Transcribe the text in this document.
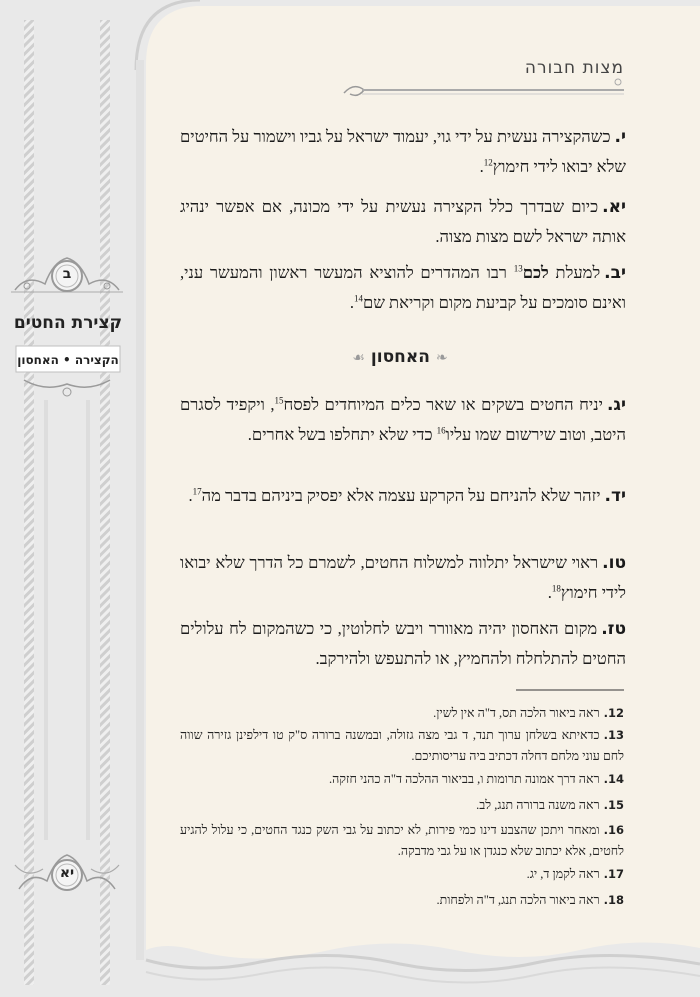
מצות חבורה
ב
קצירת החטים
הקצירה • האחסון
יא
י.כשהקצירה נעשית על ידי גוי, יעמוד ישראל על גביו וישמור על החיטים שלא יבואו לידי חימוץ$^{12}$.
יא.כיום שבדרך כלל הקצירה נעשית על ידי מכונה, אם אפשר ינהיג אותה ישראל לשם מצות מצוה.
יב.למעלת לכם$^{13}$ רבו המהדרים להוציא המעשר ראשון והמעשר עני, ואינם סומכים על קביעת מקום וקריאת שם$^{14}$.
❧האחסון☙
יג.יניח החטים בשקים או שאר כלים המיוחדים לפסח$^{15}$, ויקפיד לסגרם היטב, וטוב שירשום שמו עליו$^{16}$ כדי שלא יתחלפו בשל אחרים.
יד.יזהר שלא להניחם על הקרקע עצמה אלא יפסיק ביניהם בדבר מה$^{17}$.
טו.ראוי שישראל יתלווה למשלוח החטים, לשמרם כל הדרך שלא יבואו לידי חימוץ$^{18}$.
טז.מקום האחסון יהיה מאוורר ויבש לחלוטין, כי כשהמקום לח עלולים החטים להתלחלח ולהחמיץ, או להתעפש ולהירקב.
12.ראה ביאור הלכה תס, ד"ה אין לשין.
13.כדאיתא בשלחן ערוך תנד, ד גבי מצה גזולה, ובמשנה ברורה ס"ק טו דילפינן גזירה שווה לחם עוני מלחם דחלה דכתיב ביה עריסותיכם.
14.ראה דרך אמונה תרומות ו, בביאור ההלכה ד"ה כהני חזקה.
15.ראה משנה ברורה תנג, לב.
16.ומאחר ויתכן שהצבע דינו כמי פירות, לא יכתוב על גבי השק כנגד החטים, כי עלול להגיע לחטים, אלא יכתוב שלא כנגדן או על גבי מדבקה.
17.ראה לקמן ד, יג.
18.ראה ביאור הלכה תנג, ד"ה ולפחות.
